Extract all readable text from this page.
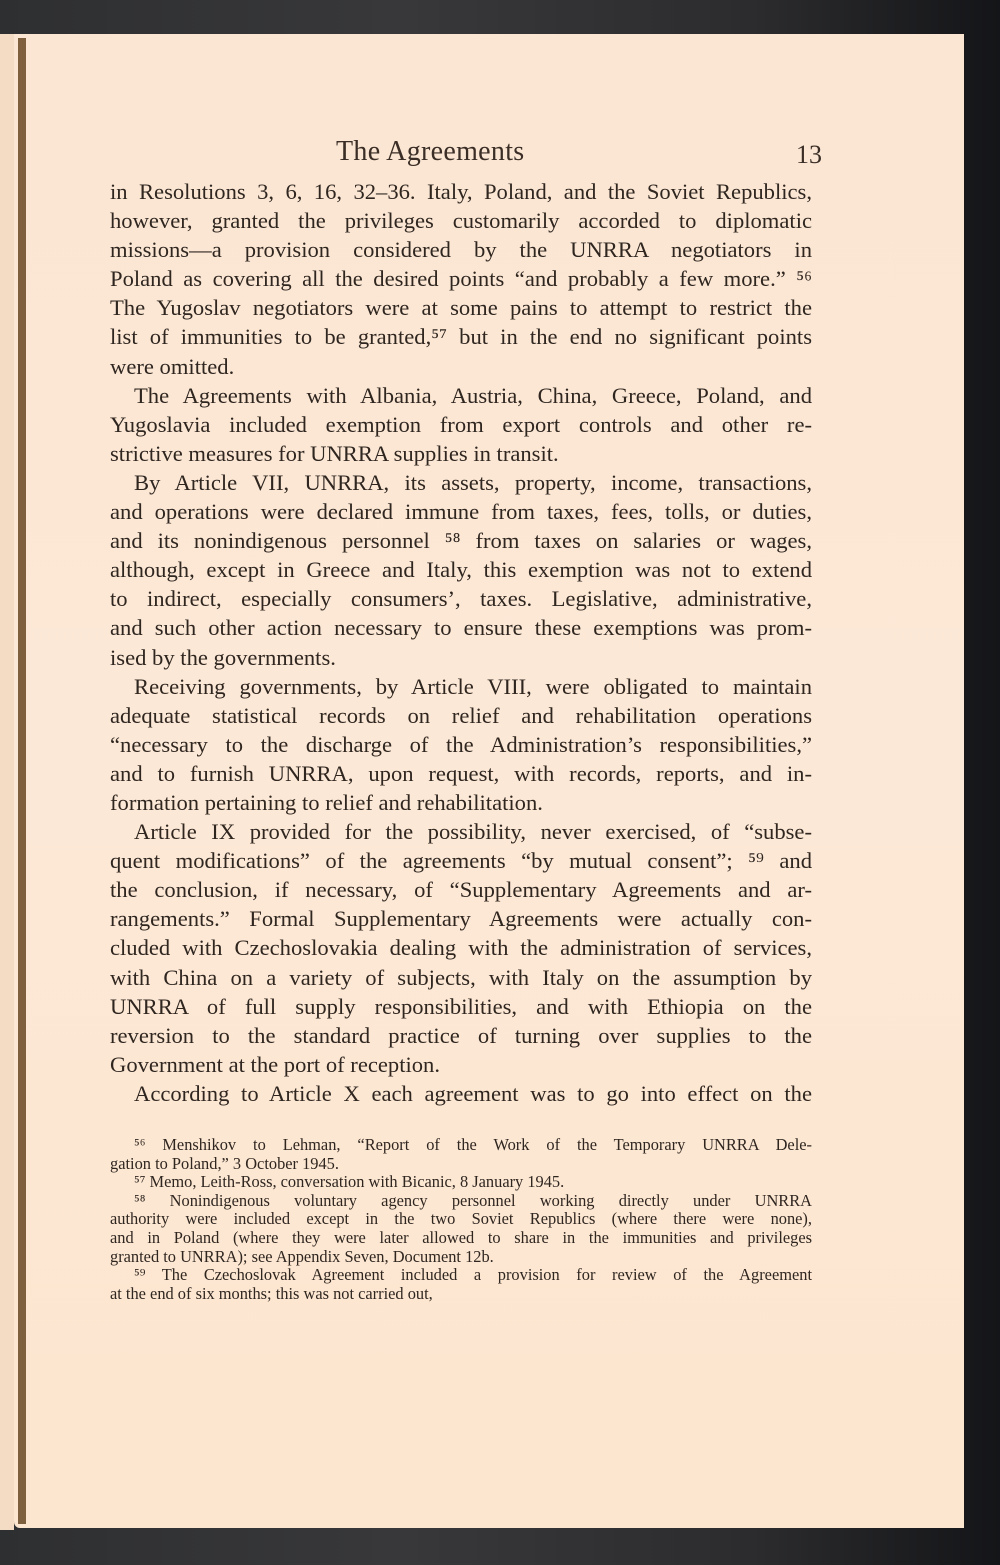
The Agreements	13
in Resolutions 3, 6, 16, 32–36. Italy, Poland, and the Soviet Republics,
however, granted the privileges customarily accorded to diplomatic
missions—a provision considered by the UNRRA negotiators in
Poland as covering all the desired points “and probably a few more.” ⁵⁶
The Yugoslav negotiators were at some pains to attempt to restrict the
list of immunities to be granted,⁵⁷ but in the end no significant points
were omitted.
The Agreements with Albania, Austria, China, Greece, Poland, and
Yugoslavia included exemption from export controls and other re-
strictive measures for UNRRA supplies in transit.
By Article VII, UNRRA, its assets, property, income, transactions,
and operations were declared immune from taxes, fees, tolls, or duties,
and its nonindigenous personnel ⁵⁸ from taxes on salaries or wages,
although, except in Greece and Italy, this exemption was not to extend
to indirect, especially consumers’, taxes. Legislative, administrative,
and such other action necessary to ensure these exemptions was prom-
ised by the governments.
Receiving governments, by Article VIII, were obligated to maintain
adequate statistical records on relief and rehabilitation operations
“necessary to the discharge of the Administration’s responsibilities,”
and to furnish UNRRA, upon request, with records, reports, and in-
formation pertaining to relief and rehabilitation.
Article IX provided for the possibility, never exercised, of “subse-
quent modifications” of the agreements “by mutual consent”; ⁵⁹ and
the conclusion, if necessary, of “Supplementary Agreements and ar-
rangements.” Formal Supplementary Agreements were actually con-
cluded with Czechoslovakia dealing with the administration of services,
with China on a variety of subjects, with Italy on the assumption by
UNRRA of full supply responsibilities, and with Ethiopia on the
reversion to the standard practice of turning over supplies to the
Government at the port of reception.
According to Article X each agreement was to go into effect on the
⁵⁶ Menshikov to Lehman, “Report of the Work of the Temporary UNRRA Dele-
gation to Poland,” 3 October 1945.
⁵⁷ Memo, Leith-Ross, conversation with Bicanic, 8 January 1945.
⁵⁸ Nonindigenous voluntary agency personnel working directly under UNRRA
authority were included except in the two Soviet Republics (where there were none),
and in Poland (where they were later allowed to share in the immunities and privileges
granted to UNRRA); see Appendix Seven, Document 12b.
⁵⁹ The Czechoslovak Agreement included a provision for review of the Agreement
at the end of six months; this was not carried out,
